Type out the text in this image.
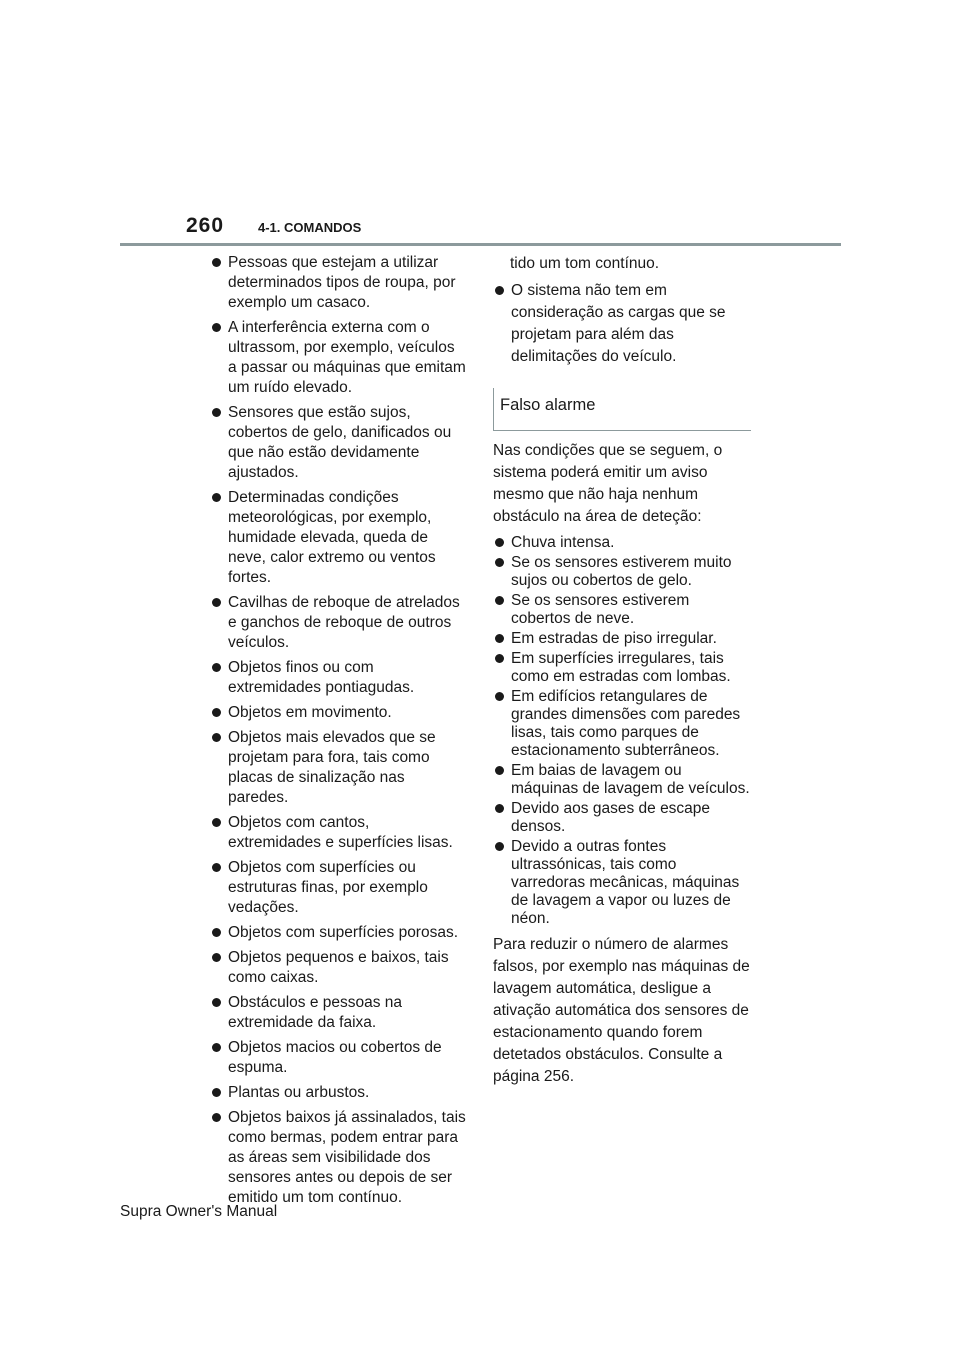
260	4-1. COMANDOS
Pessoas que estejam a utilizar determinados tipos de roupa, por exemplo um casaco.
A interferência externa com o ultrassom, por exemplo, veículos a passar ou máquinas que emitam um ruído elevado.
Sensores que estão sujos, cobertos de gelo, danificados ou que não estão devidamente ajustados.
Determinadas condições meteorológicas, por exemplo, humidade elevada, queda de neve, calor extremo ou ventos fortes.
Cavilhas de reboque de atrelados e ganchos de reboque de outros veículos.
Objetos finos ou com extremidades pontiagudas.
Objetos em movimento.
Objetos mais elevados que se projetam para fora, tais como placas de sinalização nas paredes.
Objetos com cantos, extremidades e superfícies lisas.
Objetos com superfícies ou estruturas finas, por exemplo vedações.
Objetos com superfícies porosas.
Objetos pequenos e baixos, tais como caixas.
Obstáculos e pessoas na extremidade da faixa.
Objetos macios ou cobertos de espuma.
Plantas ou arbustos.
Objetos baixos já assinalados, tais como bermas, podem entrar para as áreas sem visibilidade dos sensores antes ou depois de ser emitido um tom contínuo.
tido um tom contínuo.
O sistema não tem em consideração as cargas que se projetam para além das delimitações do veículo.
Falso alarme

Nas condições que se seguem, o sistema poderá emitir um aviso mesmo que não haja nenhum obstáculo na área de deteção:

Chuva intensa.
Se os sensores estiverem muito sujos ou cobertos de gelo.
Se os sensores estiverem cobertos de neve.
Em estradas de piso irregular.
Em superfícies irregulares, tais como em estradas com lombas.
Em edifícios retangulares de grandes dimensões com paredes lisas, tais como parques de estacionamento subterrâneos.
Em baias de lavagem ou máquinas de lavagem de veículos.
Devido aos gases de escape densos.
Devido a outras fontes ultrassónicas, tais como varredoras mecânicas, máquinas de lavagem a vapor ou luzes de néon.

Para reduzir o número de alarmes falsos, por exemplo nas máquinas de lavagem automática, desligue a ativação automática dos sensores de estacionamento quando forem detetados obstáculos. Consulte a página 256.

Supra Owner's Manual
